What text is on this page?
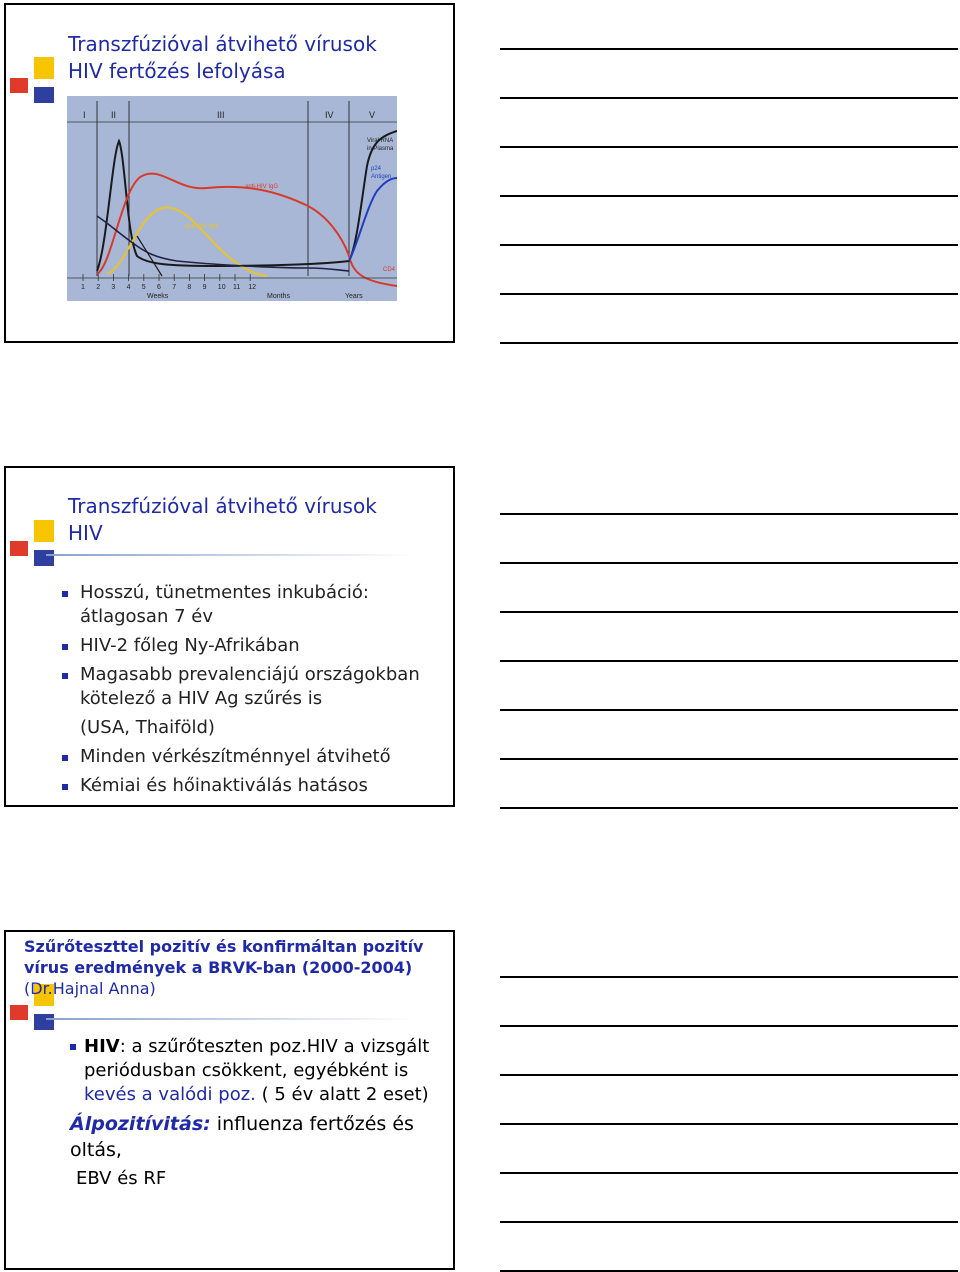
Transzfúzióval átvihető vírusok
HIV fertőzés lefolyása
I	II	III	IV	V
Viral RNA
in Plasma
p24
Antigen
anti-HIV IgG
anti-HIV IgM
CD4
1 2 3 4 5 6 7 8 9 10 11 12
Weeks	Months	Years
Transzfúzióval átvihető vírusok
HIV
Hosszú, tünetmentes inkubáció:
átlagosan 7 év
HIV-2 főleg Ny-Afrikában
Magasabb prevalenciájú országokban
kötelező a HIV Ag szűrés is
(USA, Thaiföld)
Minden vérkészítménnyel átvihető
Kémiai és hőinaktiválás hatásos
Szűrőteszttel pozitív és konfirmáltan pozitív
vírus eredmények a BRVK-ban (2000-2004)
(Dr.Hajnal Anna)
HIV: a szűrőteszten poz.HIV a vizsgált
periódusban csökkent, egyébként is
kevés a valódi poz. ( 5 év alatt 2 eset)
Álpozitívitás: influenza fertőzés és oltás,
EBV és RF
